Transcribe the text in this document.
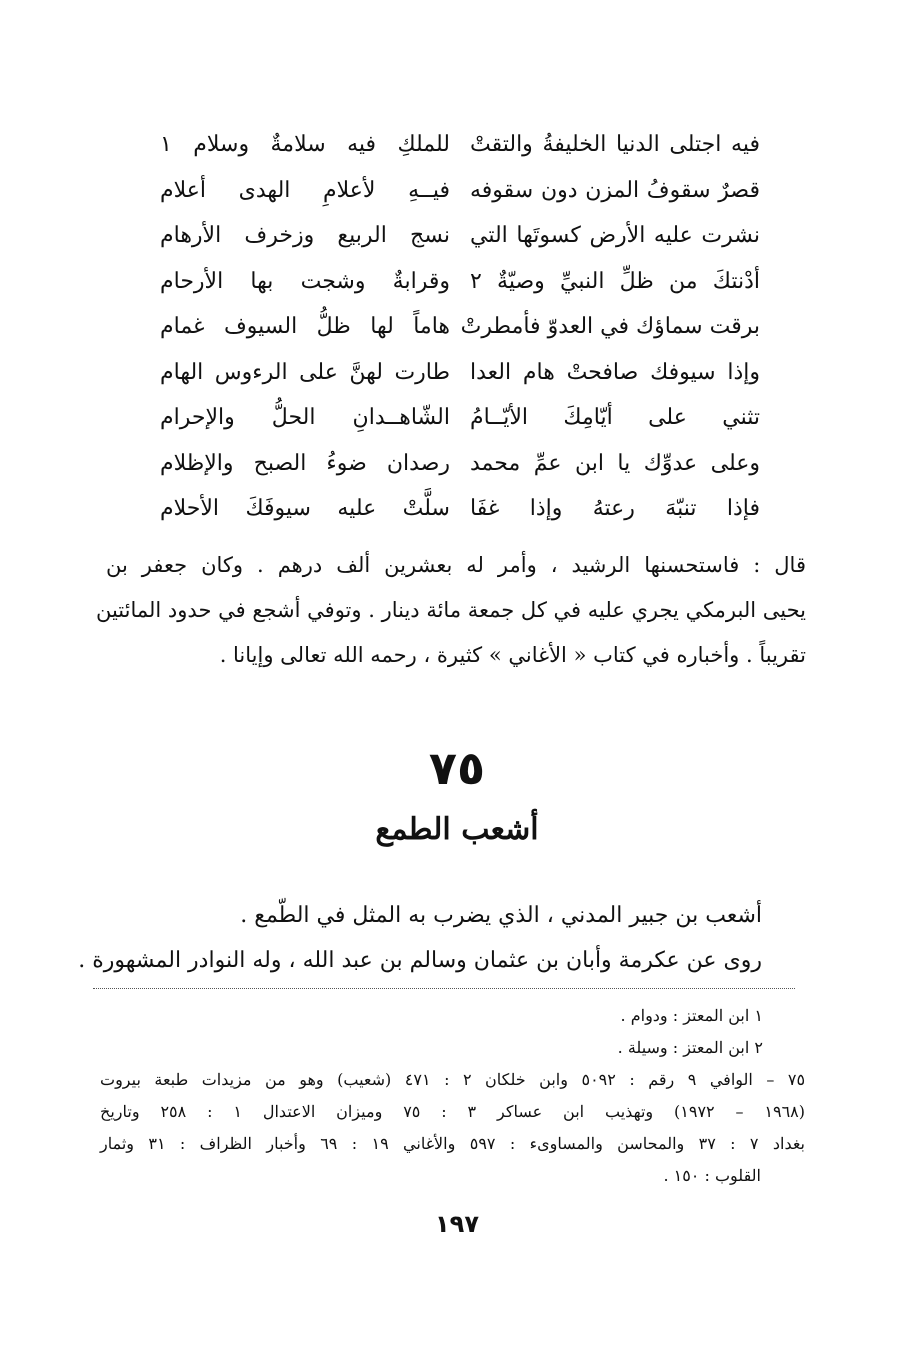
فيه اجتلى الدنيا الخليفةُ والتقتْ
للملكِ فيه سلامةٌ وسلام ١
قصرٌ سقوفُ المزن دون سقوفه
فيــهِ لأعلامِ الهدى أعلام
نشرت عليه الأرض كسوتَها التي
نسج الربيع وزخرف الأرهام
أدْنتكَ من ظلِّ النبيِّ وصيّةٌ ٢
وقرابةٌ وشجت بها الأرحام
برقت سماؤك في العدوّ فأمطرتْ
هاماً لها ظلُّ السيوف غمام
وإذا سيوفك صافحتْ هام العدا
طارت لهنَّ على الرءوس الهام
تثني على أيّامِكَ الأيّــامُ
الشّاهــدانِ الحلُّ والإحرام
وعلى عدوِّك يا ابن عمِّ محمد
رصدان ضوءُ الصبح والإظلام
فإذا تنبّهَ رعتهُ وإذا غفَا
سلَّتْ عليه سيوفَكَ الأحلام
قال : فاستحسنها الرشيد ، وأمر له بعشرين ألف درهم . وكان جعفر بن
يحيى البرمكي يجري عليه في كل جمعة مائة دينار . وتوفي أشجع في حدود المائتين
تقريباً . وأخباره في كتاب « الأغاني » كثيرة ، رحمه الله تعالى وإيانا .
٧٥
أشعب الطمع
أشعب بن جبير المدني ، الذي يضرب به المثل في الطّمع .
روى عن عكرمة وأبان بن عثمان وسالم بن عبد الله ، وله النوادر المشهورة .
١ ابن المعتز : ودوام .
٢ ابن المعتز : وسيلة .
٧٥ – الوافي ٩ رقم : ٥٠٩٢ وابن خلكان ٢ : ٤٧١ (شعيب) وهو من مزيدات طبعة بيروت
(١٩٦٨ – ١٩٧٢) وتهذيب ابن عساكر ٣ : ٧٥ وميزان الاعتدال ١ : ٢٥٨ وتاريخ
بغداد ٧ : ٣٧ والمحاسن والمساوىء : ٥٩٧ والأغاني ١٩ : ٦٩ وأخبار الظراف : ٣١ وثمار
القلوب : ١٥٠ .
١٩٧
